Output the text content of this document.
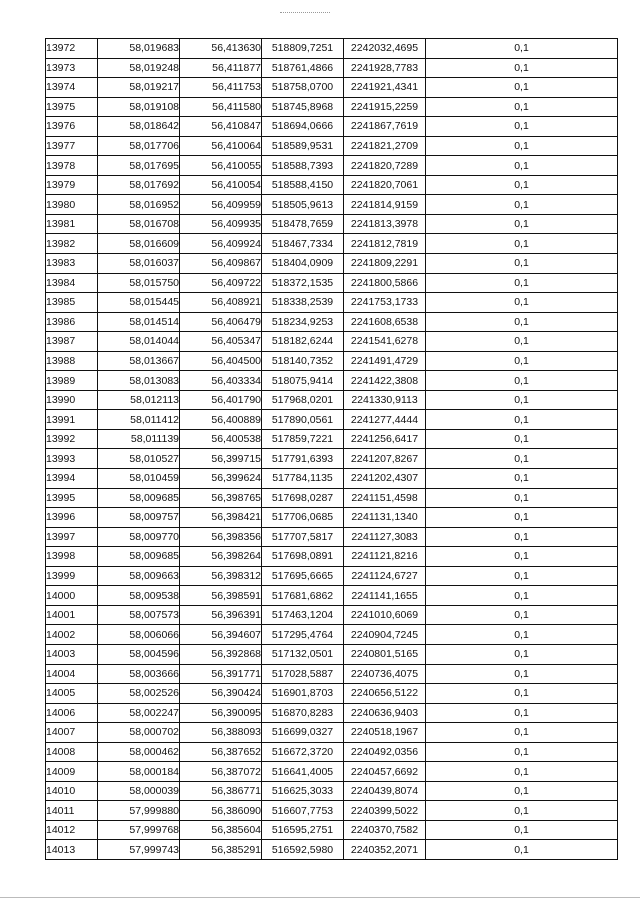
13972	58,019683	56,413630	518809,7251	2242032,4695	0,1
13973	58,019248	56,411877	518761,4866	2241928,7783	0,1
13974	58,019217	56,411753	518758,0700	2241921,4341	0,1
13975	58,019108	56,411580	518745,8968	2241915,2259	0,1
13976	58,018642	56,410847	518694,0666	2241867,7619	0,1
13977	58,017706	56,410064	518589,9531	2241821,2709	0,1
13978	58,017695	56,410055	518588,7393	2241820,7289	0,1
13979	58,017692	56,410054	518588,4150	2241820,7061	0,1
13980	58,016952	56,409959	518505,9613	2241814,9159	0,1
13981	58,016708	56,409935	518478,7659	2241813,3978	0,1
13982	58,016609	56,409924	518467,7334	2241812,7819	0,1
13983	58,016037	56,409867	518404,0909	2241809,2291	0,1
13984	58,015750	56,409722	518372,1535	2241800,5866	0,1
13985	58,015445	56,408921	518338,2539	2241753,1733	0,1
13986	58,014514	56,406479	518234,9253	2241608,6538	0,1
13987	58,014044	56,405347	518182,6244	2241541,6278	0,1
13988	58,013667	56,404500	518140,7352	2241491,4729	0,1
13989	58,013083	56,403334	518075,9414	2241422,3808	0,1
13990	58,012113	56,401790	517968,0201	2241330,9113	0,1
13991	58,011412	56,400889	517890,0561	2241277,4444	0,1
13992	58,011139	56,400538	517859,7221	2241256,6417	0,1
13993	58,010527	56,399715	517791,6393	2241207,8267	0,1
13994	58,010459	56,399624	517784,1135	2241202,4307	0,1
13995	58,009685	56,398765	517698,0287	2241151,4598	0,1
13996	58,009757	56,398421	517706,0685	2241131,1340	0,1
13997	58,009770	56,398356	517707,5817	2241127,3083	0,1
13998	58,009685	56,398264	517698,0891	2241121,8216	0,1
13999	58,009663	56,398312	517695,6665	2241124,6727	0,1
14000	58,009538	56,398591	517681,6862	2241141,1655	0,1
14001	58,007573	56,396391	517463,1204	2241010,6069	0,1
14002	58,006066	56,394607	517295,4764	2240904,7245	0,1
14003	58,004596	56,392868	517132,0501	2240801,5165	0,1
14004	58,003666	56,391771	517028,5887	2240736,4075	0,1
14005	58,002526	56,390424	516901,8703	2240656,5122	0,1
14006	58,002247	56,390095	516870,8283	2240636,9403	0,1
14007	58,000702	56,388093	516699,0327	2240518,1967	0,1
14008	58,000462	56,387652	516672,3720	2240492,0356	0,1
14009	58,000184	56,387072	516641,4005	2240457,6692	0,1
14010	58,000039	56,386771	516625,3033	2240439,8074	0,1
14011	57,999880	56,386090	516607,7753	2240399,5022	0,1
14012	57,999768	56,385604	516595,2751	2240370,7582	0,1
14013	57,999743	56,385291	516592,5980	2240352,2071	0,1
